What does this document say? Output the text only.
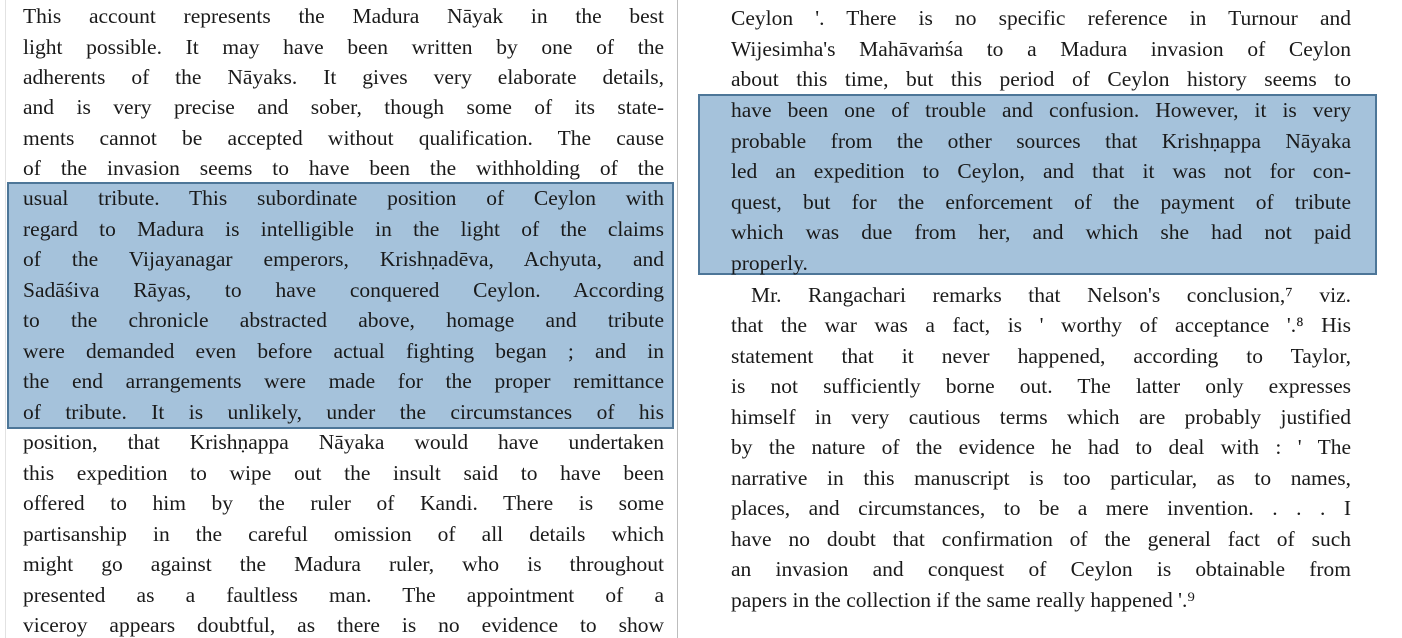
This account represents the Madura Nāyak in the best
light possible. It may have been written by one of the
adherents of the Nāyaks. It gives very elaborate details,
and is very precise and sober, though some of its state-
ments cannot be accepted without qualification. The cause
of the invasion seems to have been the withholding of the
usual tribute. This subordinate position of Ceylon with
regard to Madura is intelligible in the light of the claims
of the Vijayanagar emperors, Krishṇadēva, Achyuta, and
Sadāśiva Rāyas, to have conquered Ceylon. According
to the chronicle abstracted above, homage and tribute
were demanded even before actual fighting began ; and in
the end arrangements were made for the proper remittance
of tribute. It is unlikely, under the circumstances of his
position, that Krishṇappa Nāyaka would have undertaken
this expedition to wipe out the insult said to have been
offered to him by the ruler of Kandi. There is some
partisanship in the careful omission of all details which
might go against the Madura ruler, who is throughout
presented as a faultless man. The appointment of a
viceroy appears doubtful, as there is no evidence to show
Ceylon '. There is no specific reference in Turnour and
Wijesimha's Mahāvaṁśa to a Madura invasion of Ceylon
about this time, but this period of Ceylon history seems to
have been one of trouble and confusion. However, it is very
probable from the other sources that Krishṇappa Nāyaka
led an expedition to Ceylon, and that it was not for con-
quest, but for the enforcement of the payment of tribute
which was due from her, and which she had not paid
properly.
Mr. Rangachari remarks that Nelson's conclusion,⁷ viz.
that the war was a fact, is ' worthy of acceptance '.⁸ His
statement that it never happened, according to Taylor,
is not sufficiently borne out. The latter only expresses
himself in very cautious terms which are probably justified
by the nature of the evidence he had to deal with : ' The
narrative in this manuscript is too particular, as to names,
places, and circumstances, to be a mere invention. . . . I
have no doubt that confirmation of the general fact of such
an invasion and conquest of Ceylon is obtainable from
papers in the collection if the same really happened '.⁹
